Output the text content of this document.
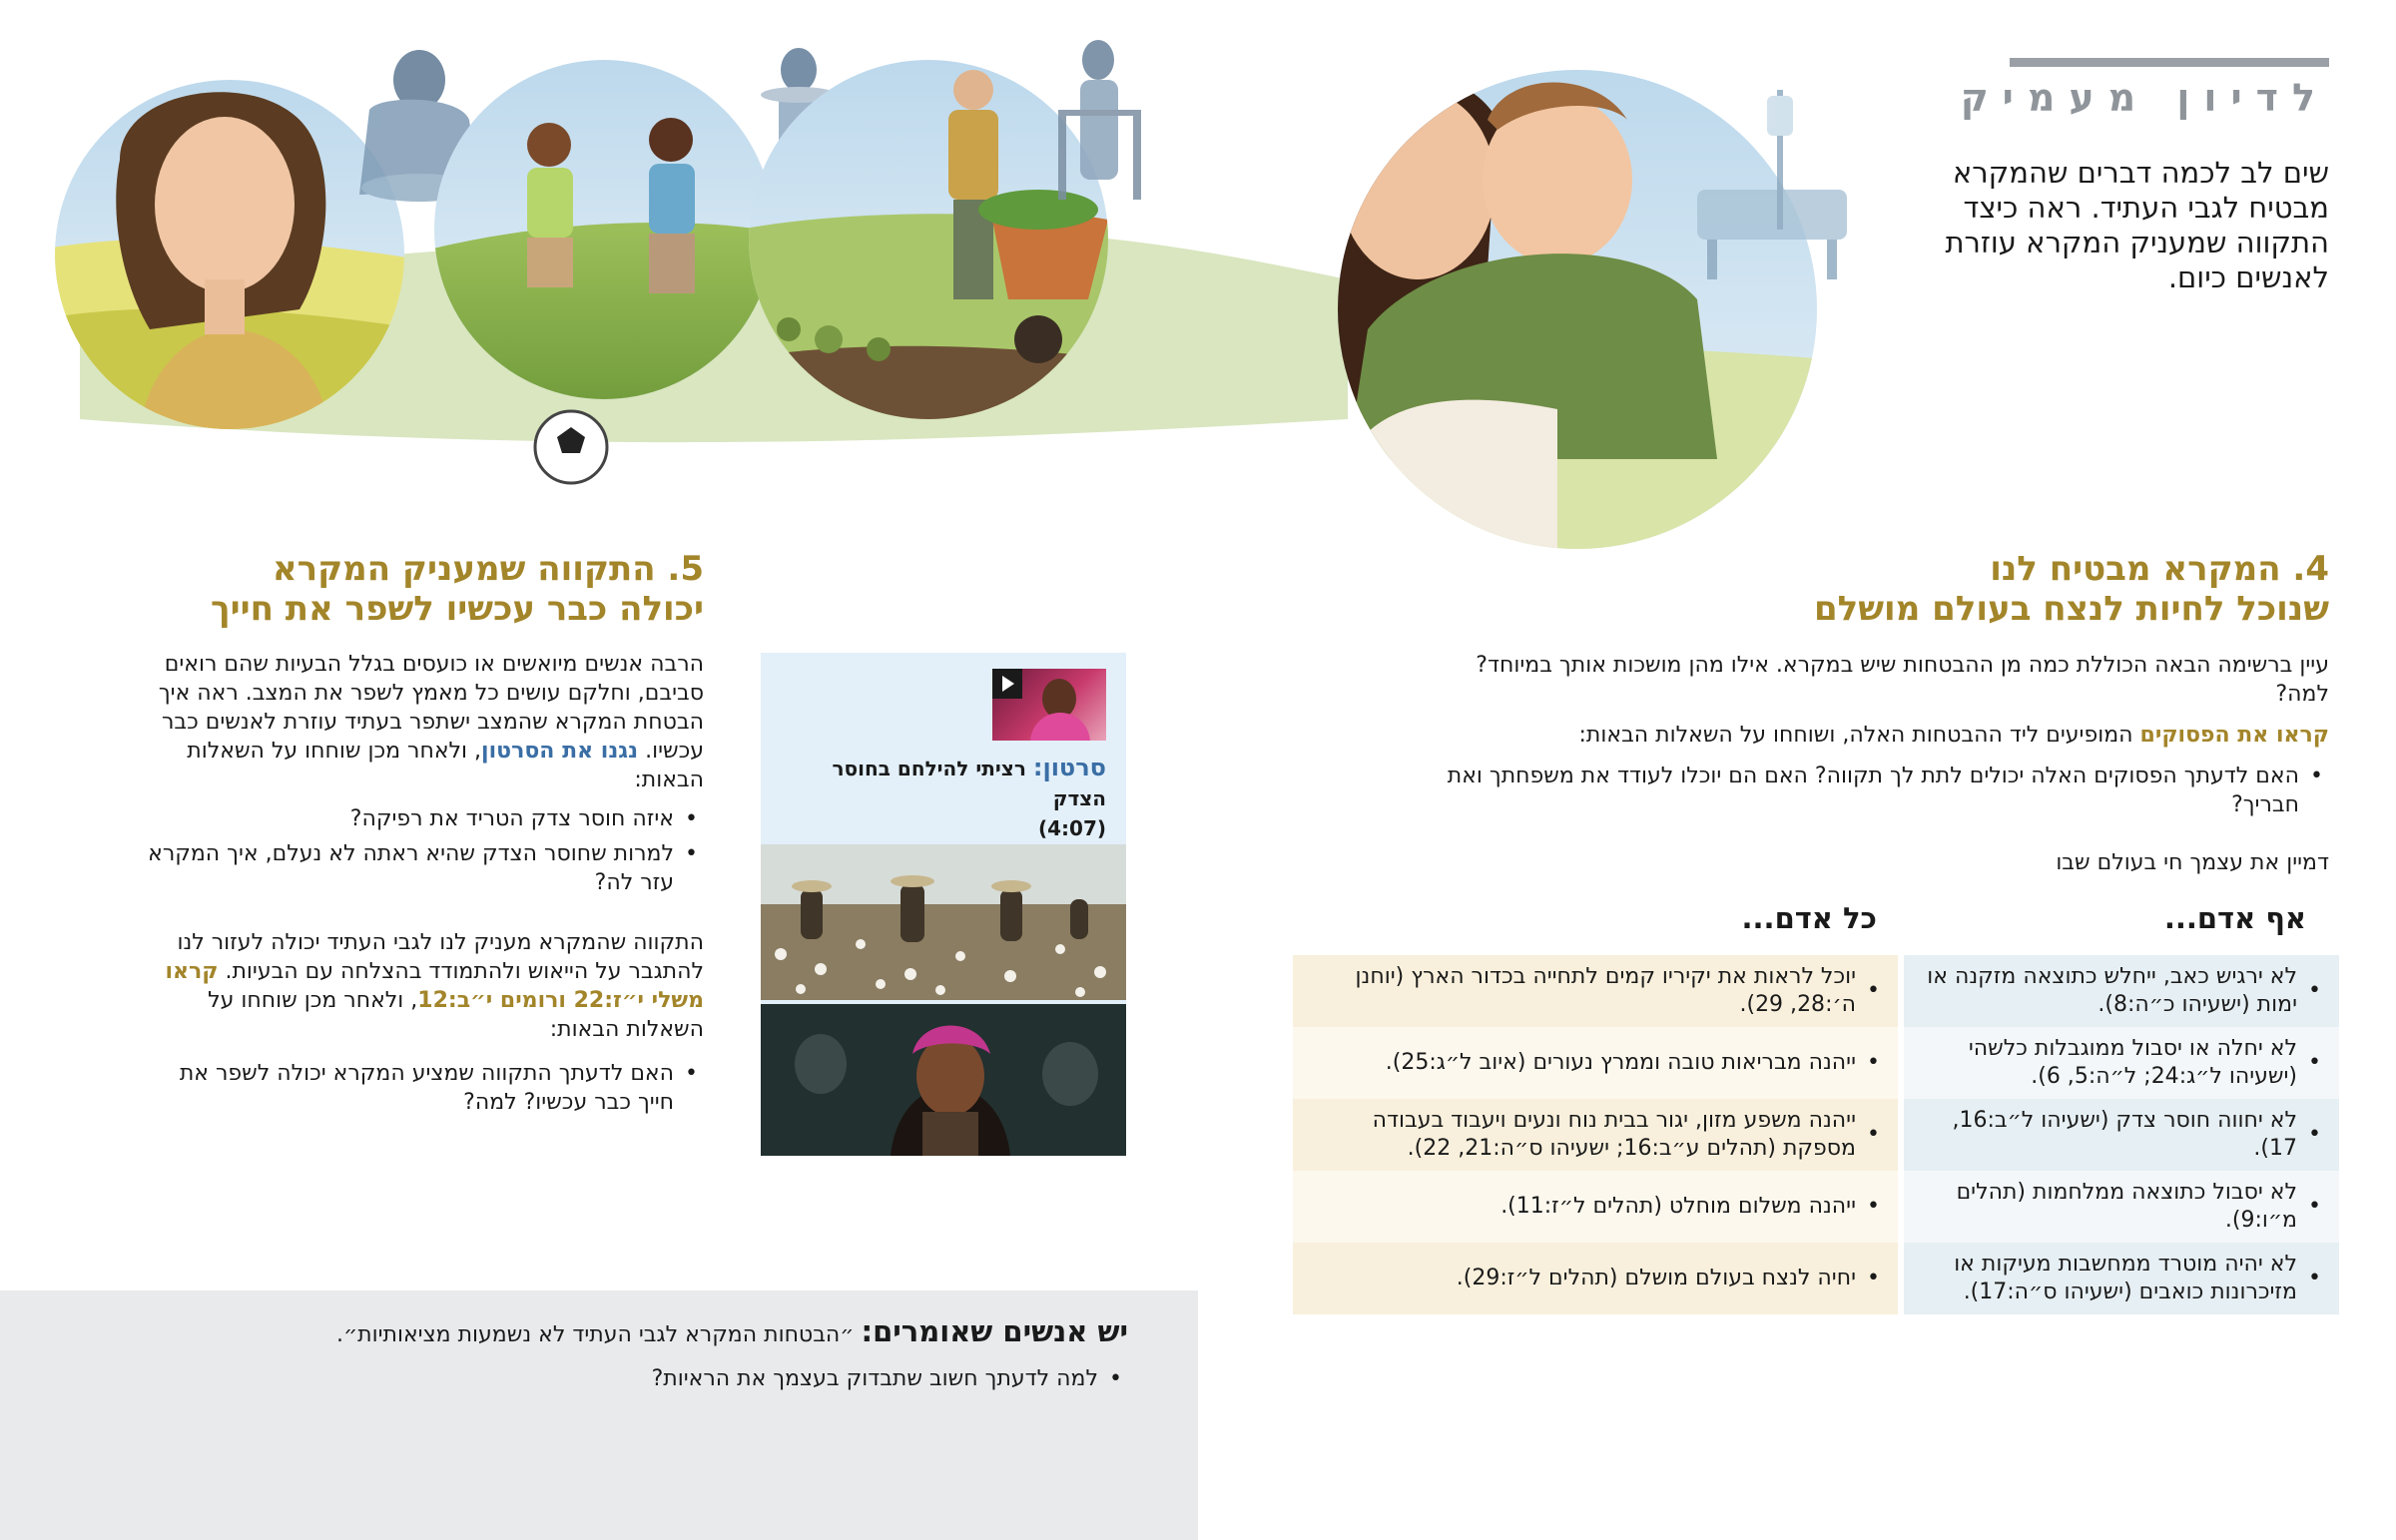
לדיון מעמיק
שים לב לכמה דברים שהמקרא מבטיח לגבי העתיד. ראה כיצד התקווה שמעניק המקרא עוזרת לאנשים כיום.
4. המקרא מבטיח לנו
שנוכל לחיות לנצח בעולם מושלם
עיין ברשימה הבאה הכוללת כמה מן ההבטחות שיש במקרא. אילו מהן מושכות אותך במיוחד? למה?
קראו את הפסוקים המופיעים ליד ההבטחות האלה, ושוחחו על השאלות הבאות:
• האם לדעתך הפסוקים האלה יכולים לתת לך תקווה? האם הם יוכלו לעודד את משפחתך ואת חבריך?
דמיין את עצמך חי בעולם שבו
אף אדם...
כל אדם...
• לא ירגיש כאב, ייחלש כתוצאה מזקנה או ימות (ישעיהו כ״ה:8).
• יוכל לראות את יקיריו קמים לתחייה בכדור הארץ (יוחנן ה׳:28, 29).
• לא יחלה או יסבול ממוגבלות כלשהי (ישעיהו ל״ג:24; ל״ה:5, 6).
• ייהנה מבריאות טובה וממרץ נעורים (איוב ל״ג:25).
• לא יחווה חוסר צדק (ישעיהו ל״ב:16, 17).
• ייהנה משפע מזון, יגור בבית נוח ונעים ויעבוד בעבודה מספקת (תהלים ע״ב:16; ישעיהו ס״ה:21, 22).
• לא יסבול כתוצאה ממלחמות (תהלים מ״ו:9).
• ייהנה משלום מוחלט (תהלים ל״ז:11).
• לא יהיה מוטרד ממחשבות מעיקות או מזיכרונות כואבים (ישעיהו ס״ה:17).
• יחיה לנצח בעולם מושלם (תהלים ל״ז:29).
5. התקווה שמעניק המקרא
יכולה כבר עכשיו לשפר את חייך
הרבה אנשים מיואשים או כועסים בגלל הבעיות שהם רואים סביבם, וחלקם עושים כל מאמץ לשפר את המצב. ראה איך הבטחת המקרא שהמצב ישתפר בעתיד עוזרת לאנשים כבר עכשיו. נגנו את הסרטון, ולאחר מכן שוחחו על השאלות הבאות:
• איזה חוסר צדק הטריד את רפיקה?
• למרות שחוסר הצדק שהיא ראתה לא נעלם, איך המקרא עזר לה?
התקווה שהמקרא מעניק לנו לגבי העתיד יכולה לעזור לנו להתגבר על הייאוש ולהתמודד בהצלחה עם הבעיות. קראו משלי י״ז:22 ורומים י״ב:12, ולאחר מכן שוחחו על השאלות הבאות:
• האם לדעתך התקווה שמציע המקרא יכולה לשפר את חייך כבר עכשיו? למה?
סרטון: רציתי להילחם בחוסר הצדק
(4:07)
יש אנשים שאומרים: ״הבטחות המקרא לגבי העתיד לא נשמעות מציאותיות״.
• למה לדעתך חשוב שתבדוק בעצמך את הראיות?
